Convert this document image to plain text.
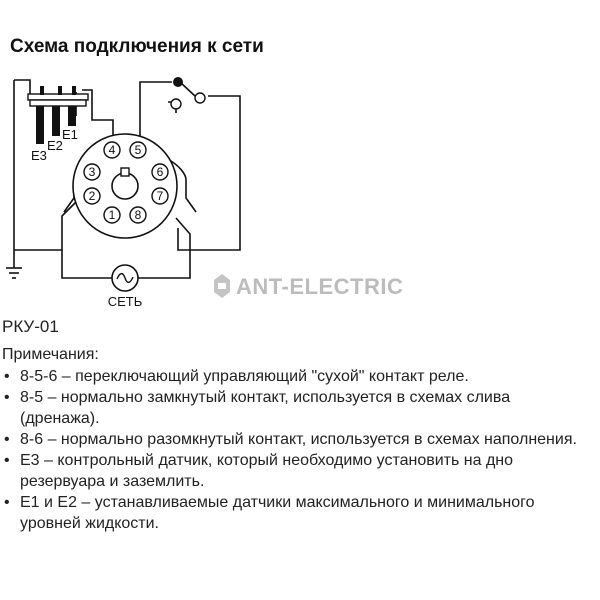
Схема подключения к сети
E1
E2
E3	4 5
3	6
2	7
1 8
СЕТЬ
ANT-ELECTRIC
РКУ-01
Примечания:
• 8-5-6 – переключающий управляющий "сухой" контакт реле.
• 8-5 – нормально замкнутый контакт, используется в схемах слива (дренажа).
• 8-6 – нормально разомкнутый контакт, используется в схемах наполнения.
• Е3 – контрольный датчик, который необходимо установить на дно резервуара и заземлить.
• Е1 и Е2 – устанавливаемые датчики максимального и минимального уровней жидкости.
